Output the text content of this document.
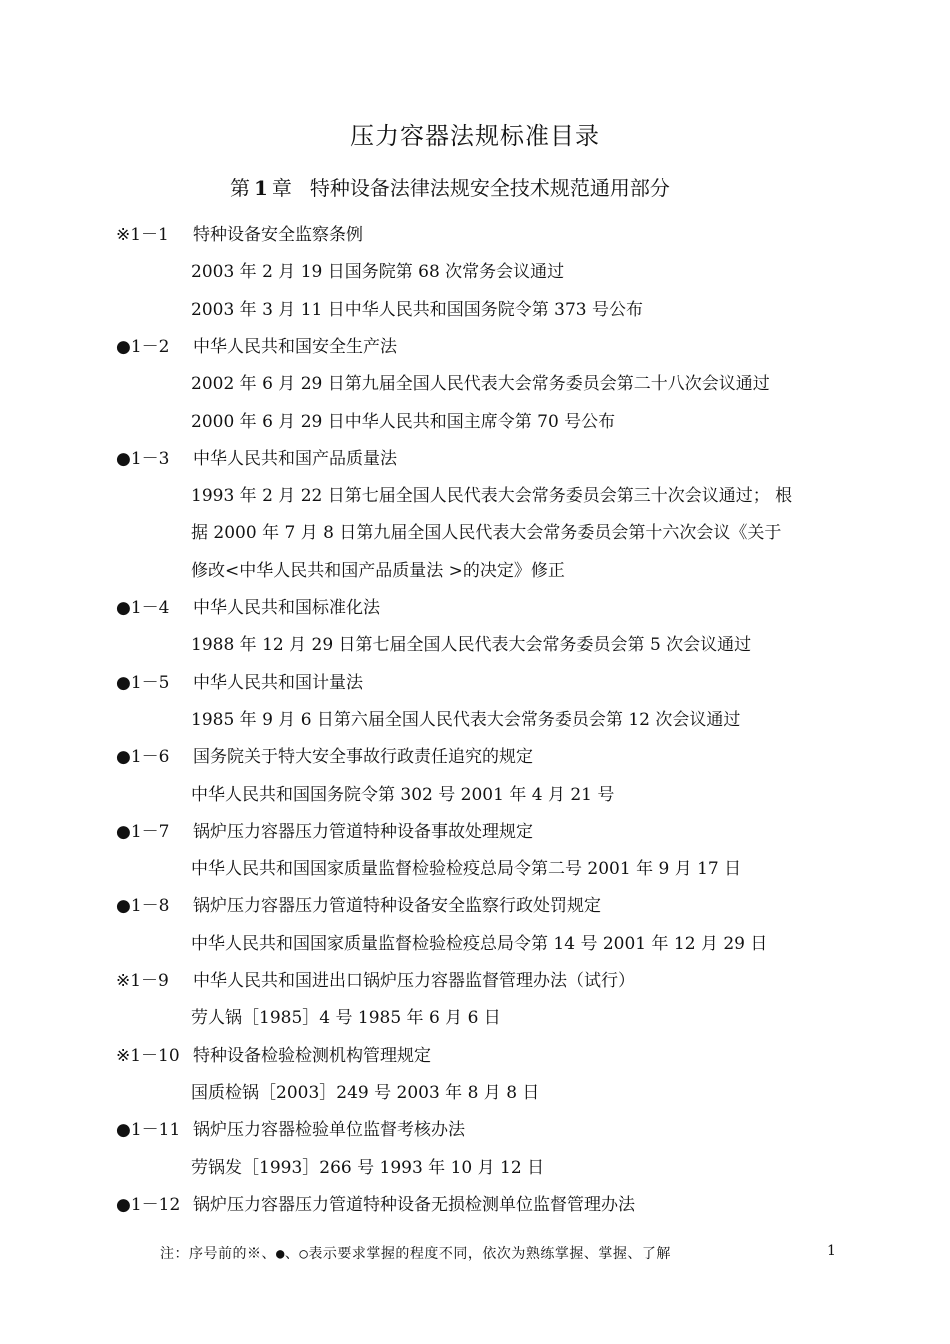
压力容器法规标准目录
第 1 章 特种设备法律法规安全技术规范通用部分
※1－1 特种设备安全监察条例
2003 年 2 月 19 日国务院第 68 次常务会议通过
2003 年 3 月 11 日中华人民共和国国务院令第 373 号公布
●1－2 中华人民共和国安全生产法
2002 年 6 月 29 日第九届全国人民代表大会常务委员会第二十八次会议通过
2000 年 6 月 29 日中华人民共和国主席令第 70 号公布
●1－3 中华人民共和国产品质量法
1993 年 2 月 22 日第七届全国人民代表大会常务委员会第三十次会议通过； 根
据 2000 年 7 月 8 日第九届全国人民代表大会常务委员会第十六次会议《关于
修改<中华人民共和国产品质量法 >的决定》修正
●1－4 中华人民共和国标准化法
1988 年 12 月 29 日第七届全国人民代表大会常务委员会第 5 次会议通过
●1－5 中华人民共和国计量法
1985 年 9 月 6 日第六届全国人民代表大会常务委员会第 12 次会议通过
●1－6 国务院关于特大安全事故行政责任追究的规定
中华人民共和国国务院令第 302 号 2001 年 4 月 21 号
●1－7 锅炉压力容器压力管道特种设备事故处理规定
中华人民共和国国家质量监督检验检疫总局令第二号 2001 年 9 月 17 日
●1－8 锅炉压力容器压力管道特种设备安全监察行政处罚规定
中华人民共和国国家质量监督检验检疫总局令第 14 号 2001 年 12 月 29 日
※1－9 中华人民共和国进出口锅炉压力容器监督管理办法（试行）
劳人锅［1985］4 号 1985 年 6 月 6 日
※1－10 特种设备检验检测机构管理规定
国质检锅［2003］249 号 2003 年 8 月 8 日
●1－11 锅炉压力容器检验单位监督考核办法
劳锅发［1993］266 号 1993 年 10 月 12 日
●1－12 锅炉压力容器压力管道特种设备无损检测单位监督管理办法
注：序号前的※、●、○表示要求掌握的程度不同，依次为熟练掌握、掌握、了解	1
